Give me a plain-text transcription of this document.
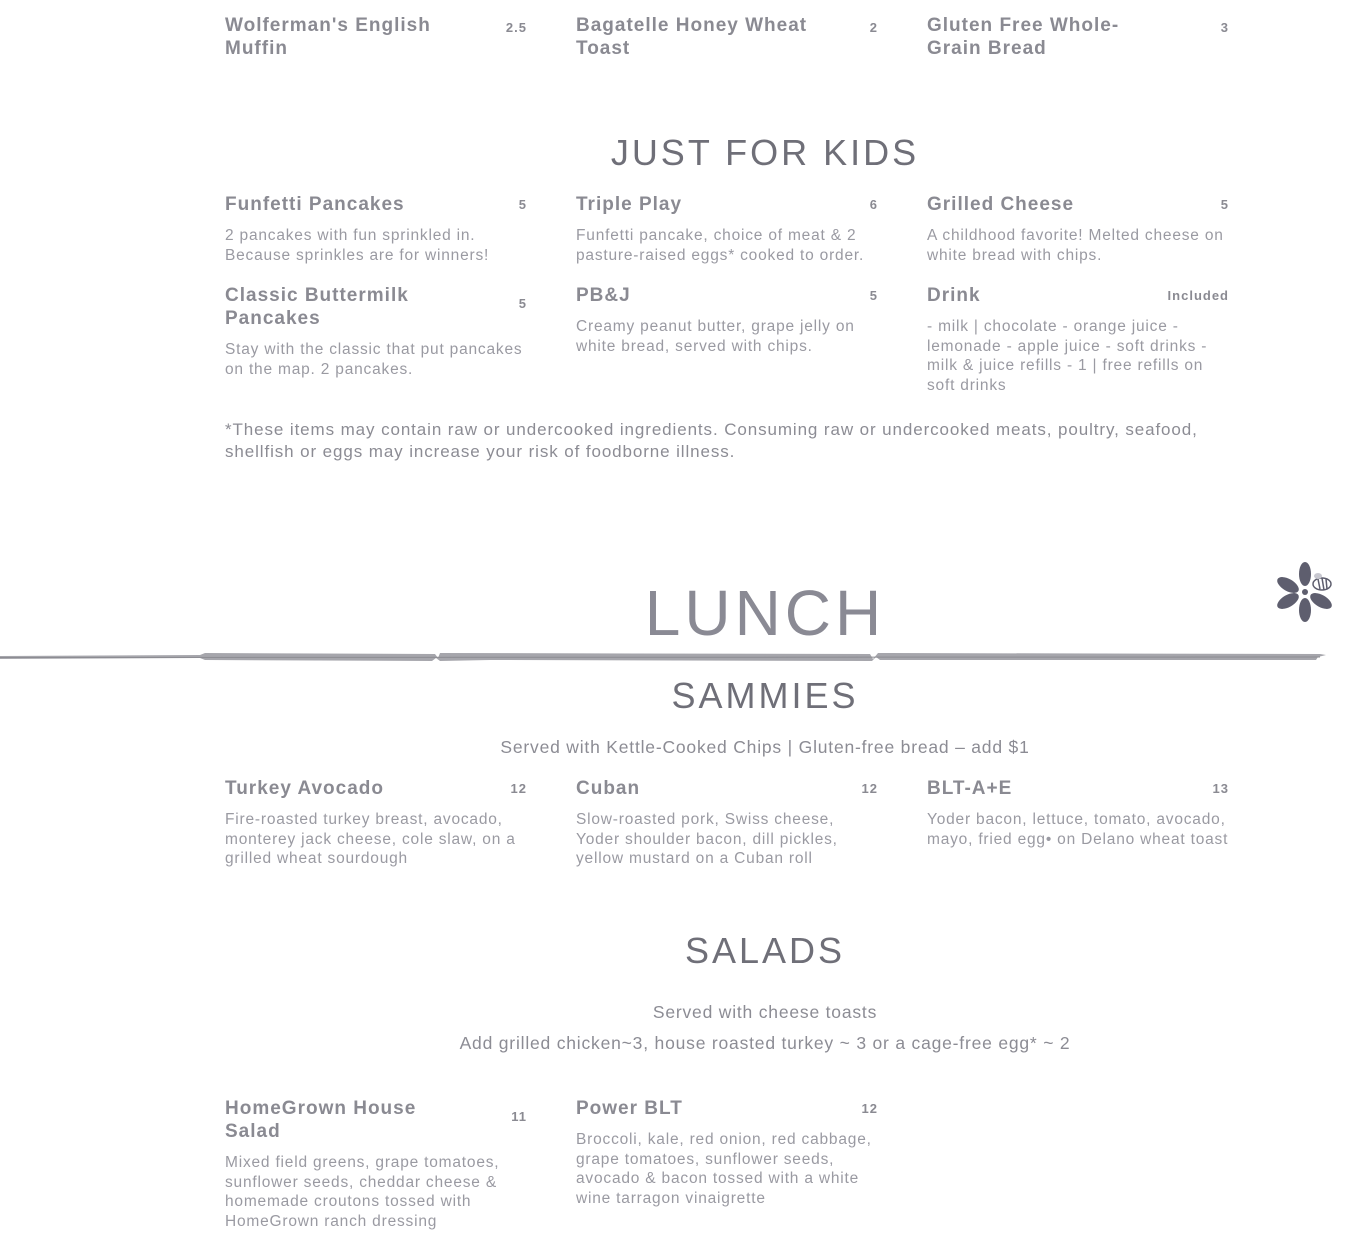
Wolferman's English Muffin
2.5	Bagatelle Honey Wheat Toast
2	Gluten Free Whole-Grain Bread
3
JUST FOR KIDS
Funfetti Pancakes	5
2 pancakes with fun sprinkled in. Because sprinkles are for winners!
Triple Play	6
Funfetti pancake, choice of meat & 2 pasture-raised eggs* cooked to order.
Grilled Cheese	5
A childhood favorite! Melted cheese on white bread with chips.
Classic Buttermilk Pancakes
5
Stay with the classic that put pancakes on the map. 2 pancakes.
PB&J	5
Creamy peanut butter, grape jelly on white bread, served with chips.
Drink	Included
- milk | chocolate - orange juice - lemonade - apple juice - soft drinks - milk & juice refills - 1 | free refills on soft drinks
*These items may contain raw or undercooked ingredients. Consuming raw or undercooked meats, poultry, seafood, shellfish or eggs may increase your risk of foodborne illness.
LUNCH
SAMMIES
Served with Kettle-Cooked Chips | Gluten-free bread – add $1
Turkey Avocado	12
Fire-roasted turkey breast, avocado, monterey jack cheese, cole slaw, on a grilled wheat sourdough
Cuban	12
Slow-roasted pork, Swiss cheese, Yoder shoulder bacon, dill pickles, yellow mustard on a Cuban roll
BLT-A+E	13
Yoder bacon, lettuce, tomato, avocado, mayo, fried egg• on Delano wheat toast
SALADS
Served with cheese toasts
Add grilled chicken~3, house roasted turkey ~ 3 or a cage-free egg* ~ 2
HomeGrown House Salad
11
Mixed field greens, grape tomatoes, sunflower seeds, cheddar cheese & homemade croutons tossed with HomeGrown ranch dressing
Power BLT	12
Broccoli, kale, red onion, red cabbage, grape tomatoes, sunflower seeds, avocado & bacon tossed with a white wine tarragon vinaigrette
